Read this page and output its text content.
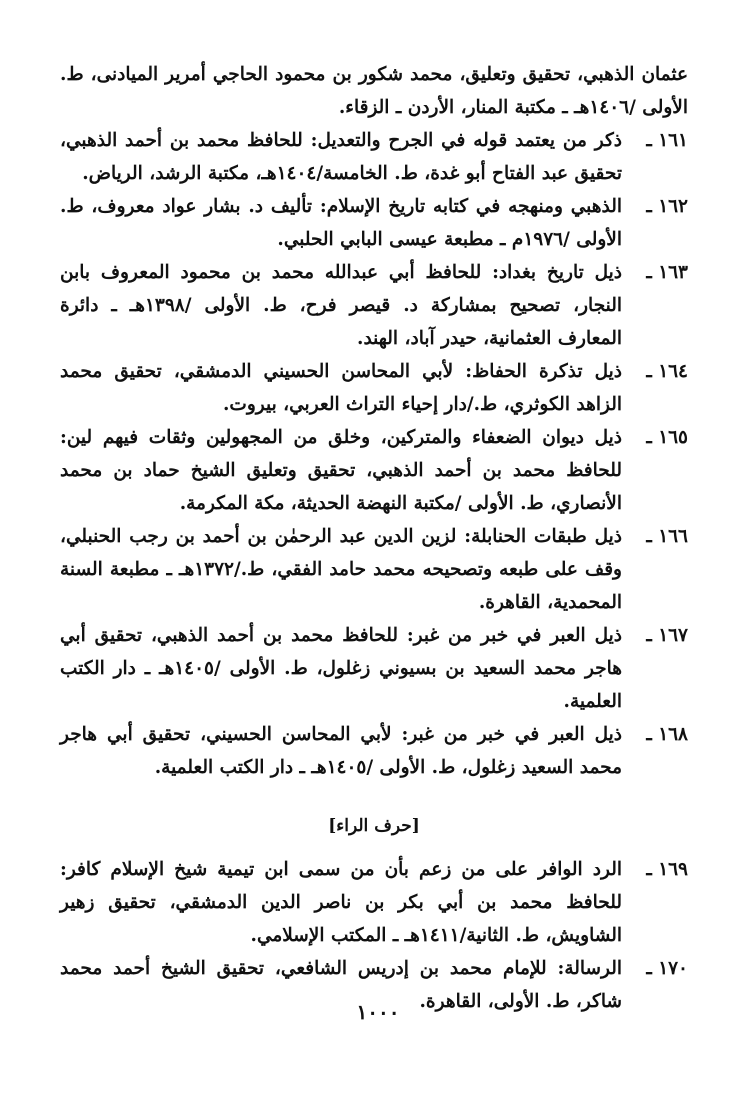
عثمان الذهبي، تحقيق وتعليق، محمد شكور بن محمود الحاجي أمرير الميادنی، ط. الأولى /١٤٠٦هـ ـ مكتبة المنار، الأردن ـ الزقاء.
١٦١ ـ
ذكر من يعتمد قوله في الجرح والتعديل: للحافظ محمد بن أحمد الذهبي، تحقيق عبد الفتاح أبو غدة، ط. الخامسة/١٤٠٤هـ، مكتبة الرشد، الرياض.
١٦٢ ـ
الذهبي ومنهجه في كتابه تاريخ الإسلام: تأليف د. بشار عواد معروف، ط. الأولى /١٩٧٦م ـ مطبعة عيسى البابي الحلبي.
١٦٣ ـ
ذيل تاريخ بغداد: للحافظ أبي عبدالله محمد بن محمود المعروف بابن النجار، تصحيح بمشاركة د. قيصر فرح، ط. الأولى /١٣٩٨هـ ـ دائرة المعارف العثمانية، حيدر آباد، الهند.
١٦٤ ـ
ذيل تذكرة الحفاظ: لأبي المحاسن الحسيني الدمشقي، تحقيق محمد الزاهد الكوثري، ط./دار إحياء التراث العربي، بيروت.
١٦٥ ـ
ذيل ديوان الضعفاء والمتركين، وخلق من المجهولين وثقات فيهم لين: للحافظ محمد بن أحمد الذهبي، تحقيق وتعليق الشيخ حماد بن محمد الأنصاري، ط. الأولى /مكتبة النهضة الحديثة، مكة المكرمة.
١٦٦ ـ
ذيل طبقات الحنابلة: لزين الدين عبد الرحمٰن بن أحمد بن رجب الحنبلي، وقف على طبعه وتصحيحه محمد حامد الفقي، ط./١٣٧٢هـ ـ مطبعة السنة المحمدية، القاهرة.
١٦٧ ـ
ذيل العبر في خبر من غبر: للحافظ محمد بن أحمد الذهبي، تحقيق أبي هاجر محمد السعيد بن بسيوني زغلول، ط. الأولى /١٤٠٥هـ ـ دار الكتب العلمية.
١٦٨ ـ
ذيل العبر في خبر من غبر: لأبي المحاسن الحسيني، تحقيق أبي هاجر محمد السعيد زغلول، ط. الأولى /١٤٠٥هـ ـ دار الكتب العلمية.
[حرف الراء]
١٦٩ ـ
الرد الوافر على من زعم بأن من سمى ابن تيمية شيخ الإسلام كافر: للحافظ محمد بن أبي بكر بن ناصر الدين الدمشقي، تحقيق زهير الشاويش، ط. الثانية/١٤١١هـ ـ المكتب الإسلامي.
١٧٠ ـ
الرسالة: للإمام محمد بن إدريس الشافعي، تحقيق الشيخ أحمد محمد شاكر، ط. الأولى، القاهرة.
١٠٠٠
